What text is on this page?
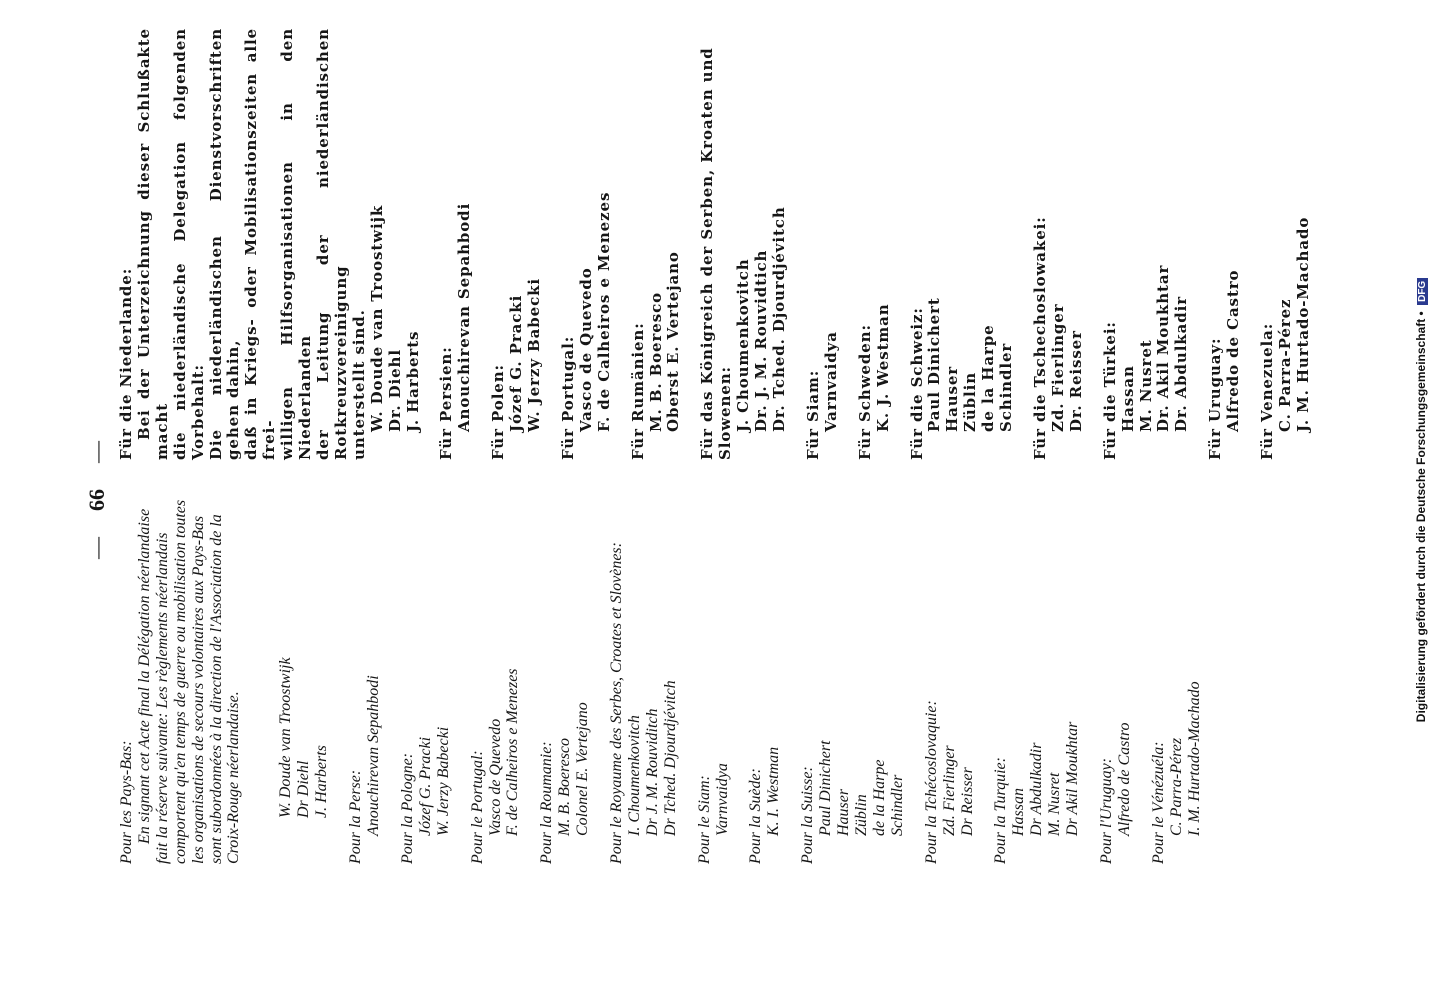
—
66
—
Pour les Pays-Bas: En signant cet Acte final la Délégation néerlandaise fait la réserve suivante: Les règlements néerlandais comportent qu'en temps de guerre ou mobilisation toutes les organisations de secours volontaires aux Pays-Bas sont subordonnées à la direction de l'Association de la Croix-Rouge néerlandaise. W. Doude van Troostwijk Dr Diehl J. Harberts Pour la Perse: Anouchirevan Sepahbodi Pour la Pologne: Józef G. Pracki W. Jerzy Babecki Pour le Portugal: Vasco de Quevedo F. de Calheiros e Menezes Pour la Roumanie: M. B. Boeresco Colonel E. Vertejano Pour le Royaume des Serbes, Croates et Slovènes: I. Choumenkovitch Dr J. M. Rouviditch Dr Tched. Djourdjévitch Pour le Siam: Varnvaidya Pour la Suède: K. I. Westman Pour la Suisse: Paul Dinichert Hauser Züblin de la Harpe Schindler Pour la Tchécoslovaquie: Zd. Fierlinger Dr Reisser Pour la Turquie: Hassan Dr Abdulkadir M. Nusret Dr Akil Moukhtar Pour l'Uruguay: Alfredo de Castro Pour le Vénézuéla: C. Parra-Pérez I. M. Hurtado-Machado
Für die Niederlande: Bei der Unterzeichnung dieser Schlußakte macht die niederländische Delegation folgenden Vorbehalt: Die niederländischen Dienstvorschriften gehen dahin, daß in Kriegs- oder Mobilisationszeiten alle frei- willigen Hilfsorganisationen in den Niederlanden der Leitung der niederländischen Rotkreuzvereinigung unterstellt sind. W. Doude van Troostwijk Dr. Diehl J. Harberts Für Persien: Anouchirevan Sepahbodi Für Polen: Józef G. Pracki W. Jerzy Babecki Für Portugal: Vasco de Quevedo F. de Calheiros e Menezes Für Rumänien: M. B. Boeresco Oberst E. Vertejano Für das Königreich der Serben, Kroaten und Slowenen: J. Choumenkovitch Dr. J. M. Rouvidtich Dr. Tched. Djourdjévitch Für Siam: Varnvaidya Für Schweden: K. J. Westman Für die Schweiz: Paul Dinichert Hauser Züblin de la Harpe Schindler Für die Tschechoslowakei: Zd. Fierlinger Dr. Reisser Für die Türkei: Hassan M. Nusret Dr. Akil Moukhtar Dr. Abdulkadir Für Uruguay: Alfredo de Castro Für Venezuela: C. Parra-Pérez J. M. Hurtado-Machado	Digitalisierung gefördert durch die Deutsche Forschungsgemeinschaft • DFG
